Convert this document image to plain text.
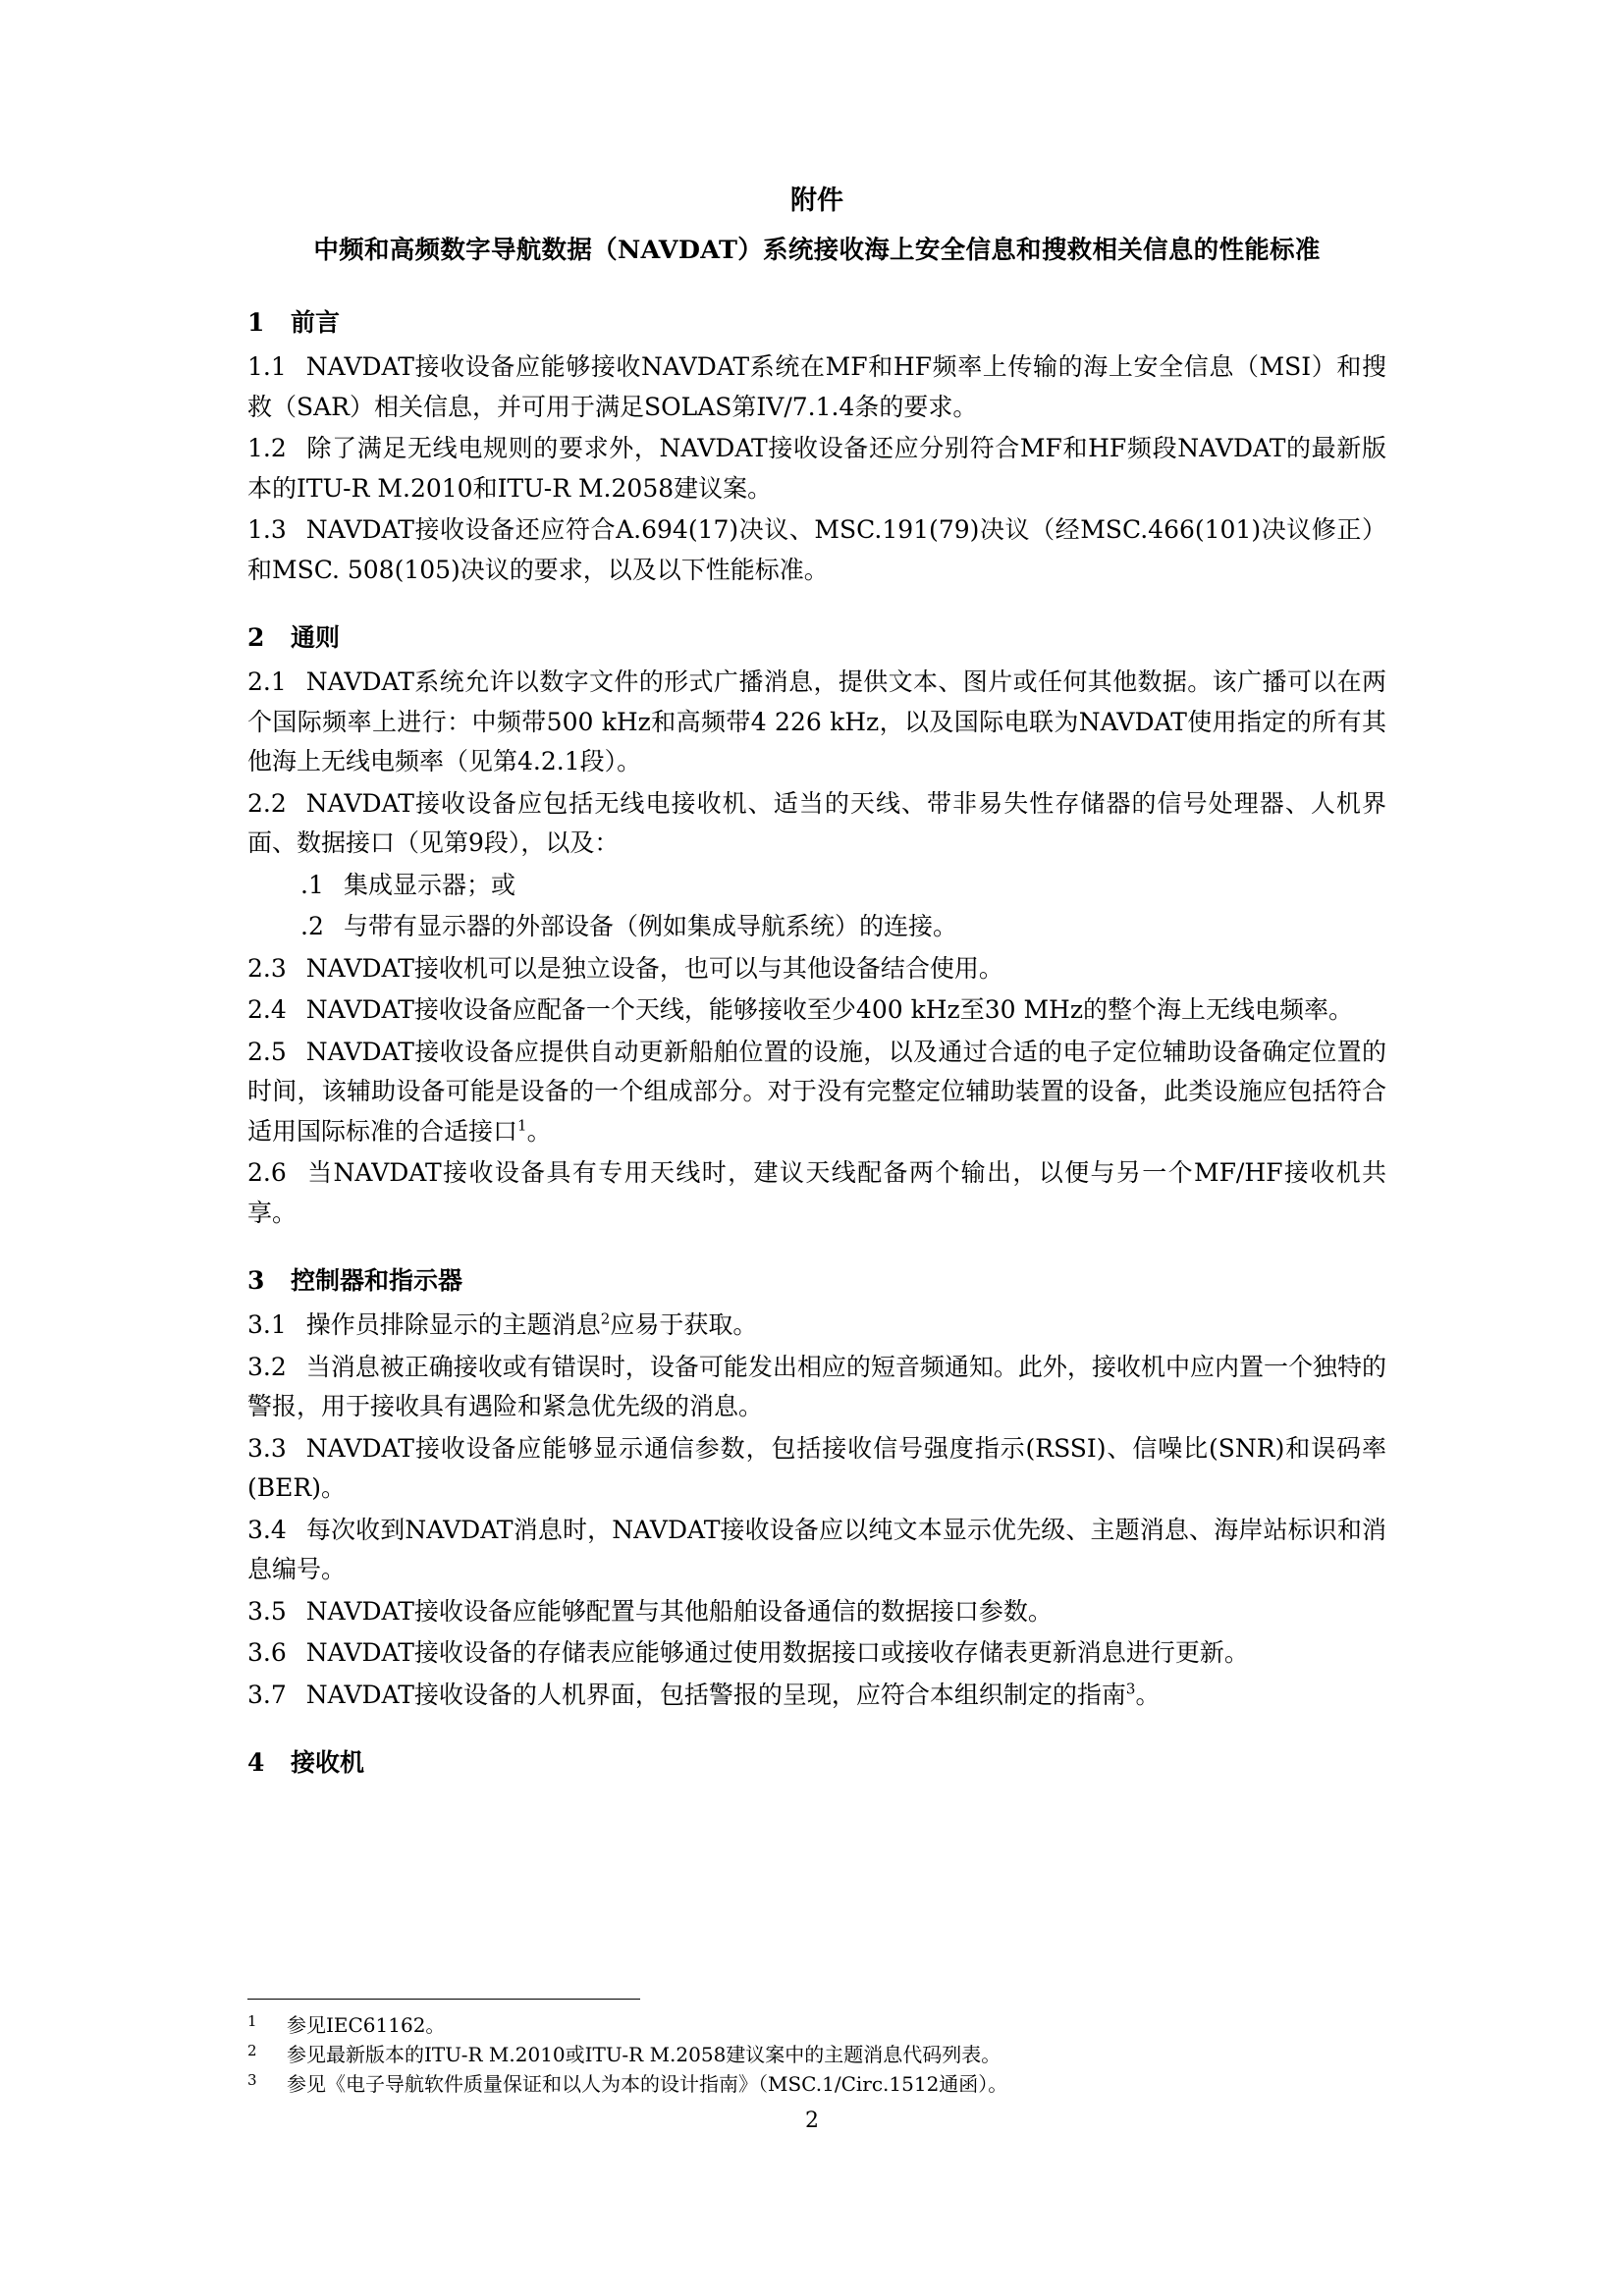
附件

中频和高频数字导航数据（NAVDAT）系统接收海上安全信息和搜救相关信息的性能标准

1 前言

1.1 NAVDAT接收设备应能够接收NAVDAT系统在MF和HF频率上传输的海上安全信息（MSI）和搜救（SAR）相关信息，并可用于满足SOLAS第IV/7.1.4条的要求。

1.2 除了满足无线电规则的要求外，NAVDAT接收设备还应分别符合MF和HF频段NAVDAT的最新版本的ITU-R M.2010和ITU-R M.2058建议案。

1.3 NAVDAT接收设备还应符合A.694(17)决议、MSC.191(79)决议（经MSC.466(101)决议修正）和MSC. 508(105)决议的要求，以及以下性能标准。

2 通则

2.1 NAVDAT系统允许以数字文件的形式广播消息，提供文本、图片或任何其他数据。该广播可以在两个国际频率上进行：中频带500 kHz和高频带4 226 kHz，以及国际电联为NAVDAT使用指定的所有其他海上无线电频率（见第4.2.1段）。

2.2 NAVDAT接收设备应包括无线电接收机、适当的天线、带非易失性存储器的信号处理器、人机界面、数据接口（见第9段），以及：

.1 集成显示器；或

.2 与带有显示器的外部设备（例如集成导航系统）的连接。

2.3 NAVDAT接收机可以是独立设备，也可以与其他设备结合使用。

2.4 NAVDAT接收设备应配备一个天线，能够接收至少400 kHz至30 MHz的整个海上无线电频率。

2.5 NAVDAT接收设备应提供自动更新船舶位置的设施，以及通过合适的电子定位辅助设备确定位置的时间，该辅助设备可能是设备的一个组成部分。对于没有完整定位辅助装置的设备，此类设施应包括符合适用国际标准的合适接口$^1$。

2.6 当NAVDAT接收设备具有专用天线时，建议天线配备两个输出，以便与另一个MF/HF接收机共享。

3 控制器和指示器

3.1 操作员排除显示的主题消息$^2$应易于获取。

3.2 当消息被正确接收或有错误时，设备可能发出相应的短音频通知。此外，接收机中应内置一个独特的警报，用于接收具有遇险和紧急优先级的消息。

3.3 NAVDAT接收设备应能够显示通信参数，包括接收信号强度指示(RSSI)、信噪比(SNR)和误码率(BER)。

3.4 每次收到NAVDAT消息时，NAVDAT接收设备应以纯文本显示优先级、主题消息、海岸站标识和消息编号。

3.5 NAVDAT接收设备应能够配置与其他船舶设备通信的数据接口参数。

3.6 NAVDAT接收设备的存储表应能够通过使用数据接口或接收存储表更新消息进行更新。

3.7 NAVDAT接收设备的人机界面，包括警报的呈现，应符合本组织制定的指南$^3$。

4 接收机

1 参见IEC61162。

2 参见最新版本的ITU-R M.2010或ITU-R M.2058建议案中的主题消息代码列表。

3 参见《电子导航软件质量保证和以人为本的设计指南》（MSC.1/Circ.1512通函）。

2
